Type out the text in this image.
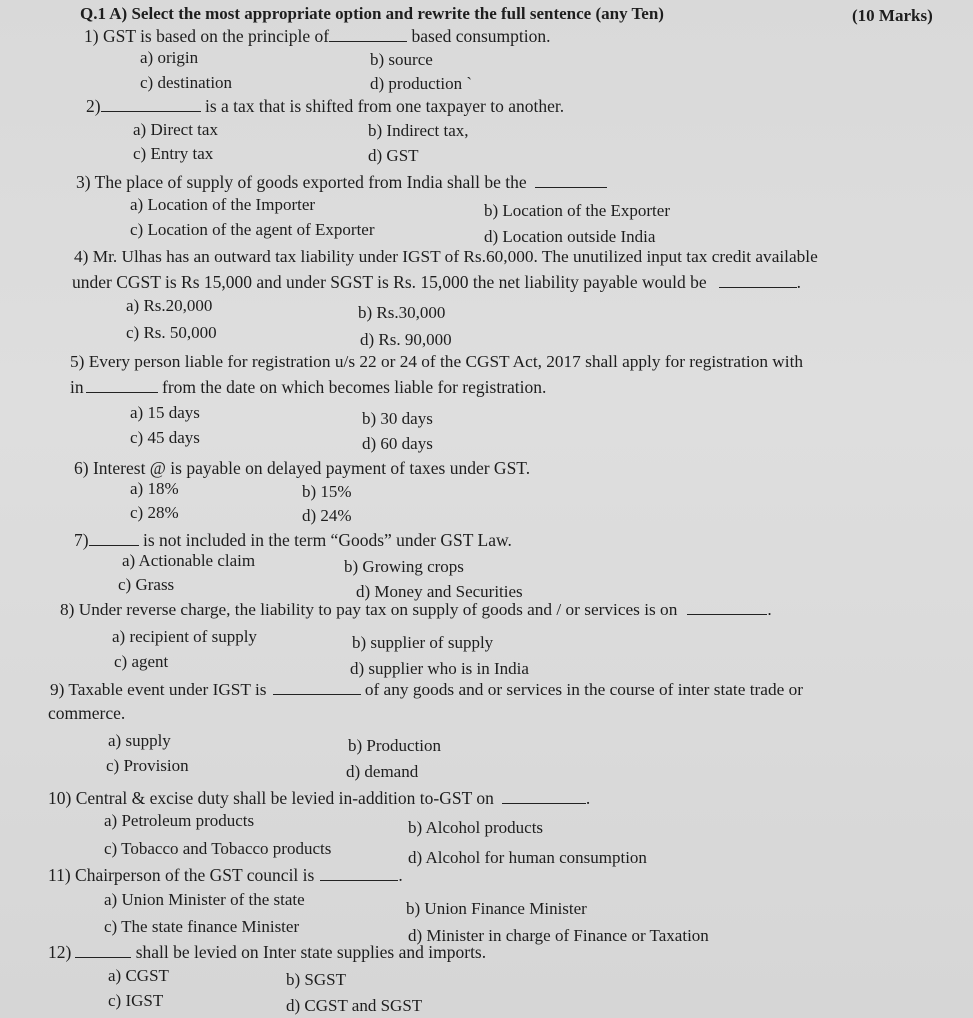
Q.1 A) Select the most appropriate option and rewrite the full sentence (any Ten)	(10 Marks)
1) GST is based on the principle of	based consumption.
a) origin	b) source
c) destination	d) production `
2)	is a tax that is shifted from one taxpayer to another.
a) Direct tax	b) Indirect tax,
c) Entry tax	d) GST
3) The place of supply of goods exported from India shall be the
a) Location of the Importer	b) Location of the Exporter
c) Location of the agent of Exporter	d) Location outside India
4) Mr. Ulhas has an outward tax liability under IGST of Rs.60,000. The unutilized input tax credit available
under CGST is Rs 15,000 and under SGST is Rs. 15,000 the net liability payable would be	.
a) Rs.20,000	b) Rs.30,000
c) Rs. 50,000	d) Rs. 90,000
5) Every person liable for registration u/s 22 or 24 of the CGST Act, 2017 shall apply for registration with
in	from the date on which becomes liable for registration.
a) 15 days	b) 30 days
c) 45 days	d) 60 days
6) Interest @ is payable on delayed payment of taxes under GST.
a) 18%	b) 15%
c) 28%	d) 24%
7)	is not included in the term “Goods” under GST Law.
a) Actionable claim	b) Growing crops
c) Grass	d) Money and Securities
8) Under reverse charge, the liability to pay tax on supply of goods and / or services is on	.
a) recipient of supply	b) supplier of supply
c) agent	d) supplier who is in India
9) Taxable event under IGST is	of any goods and or services in the course of inter state trade or
commerce.
a) supply	b) Production
c) Provision	d) demand
10) Central & excise duty shall be levied in-addition to-GST on	.
a) Petroleum products	b) Alcohol products
c) Tobacco and Tobacco products	d) Alcohol for human consumption
11) Chairperson of the GST council is	.
a) Union Minister of the state	b) Union Finance Minister
c) The state finance Minister	d) Minister in charge of Finance or Taxation
12)	shall be levied on Inter state supplies and imports.
a) CGST	b) SGST
c) IGST	d) CGST and SGST
